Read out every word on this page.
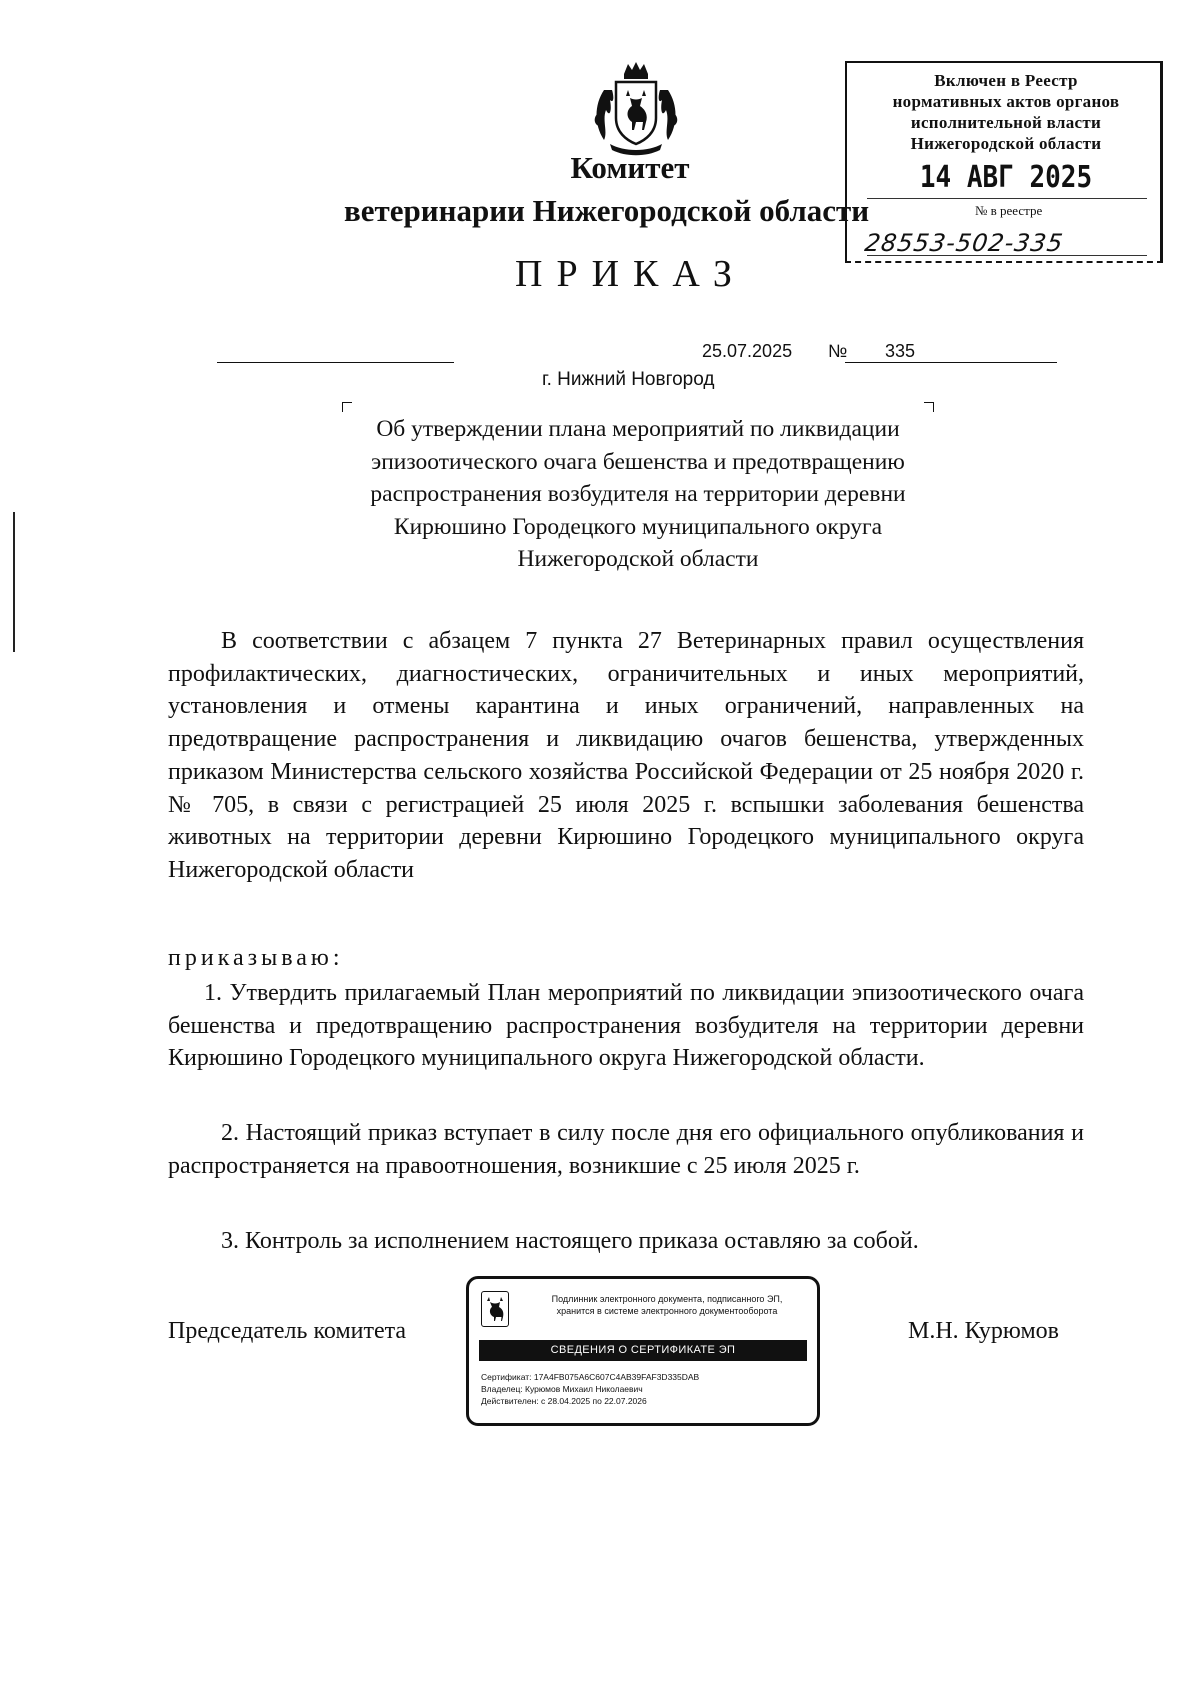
Комитет
ветеринарии Нижегородской области
ПРИКАЗ
Включен в Реестр
нормативных актов органов
исполнительной власти
Нижегородской области
14 АВГ 2025
№ в реестре
28553-502-335
25.07.2025 № 335
г. Нижний Новгород
Об утверждении плана мероприятий по ликвидации эпизоотического очага бешенства и предотвращению распространения возбудителя на территории деревни Кирюшино Городецкого муниципального округа Нижегородской области
В соответствии с абзацем 7 пункта 27 Ветеринарных правил осуществления профилактических, диагностических, ограничительных и иных мероприятий, установления и отмены карантина и иных ограничений, направленных на предотвращение распространения и ликвидацию очагов бешенства, утвержденных приказом Министерства сельского хозяйства Российской Федерации от 25 ноября 2020 г. № 705, в связи с регистрацией 25 июля 2025 г. вспышки заболевания бешенства животных на территории деревни Кирюшино Городецкого муниципального округа Нижегородской области
приказываю:
1. Утвердить прилагаемый План мероприятий по ликвидации эпизоотического очага бешенства и предотвращению распространения возбудителя на территории деревни Кирюшино Городецкого муниципального округа Нижегородской области.
2. Настоящий приказ вступает в силу после дня его официального опубликования и распространяется на правоотношения, возникшие с 25 июля 2025 г.
3. Контроль за исполнением настоящего приказа оставляю за собой.
Председатель комитета	М.Н. Курюмов
Подлинник электронного документа, подписанного ЭП,
хранится в системе электронного документооборота
СВЕДЕНИЯ О СЕРТИФИКАТЕ ЭП
Сертификат: 17A4FB075A6C607C4AB39FAF3D335DAB
Владелец: Курюмов Михаил Николаевич
Действителен: с 28.04.2025 по 22.07.2026
